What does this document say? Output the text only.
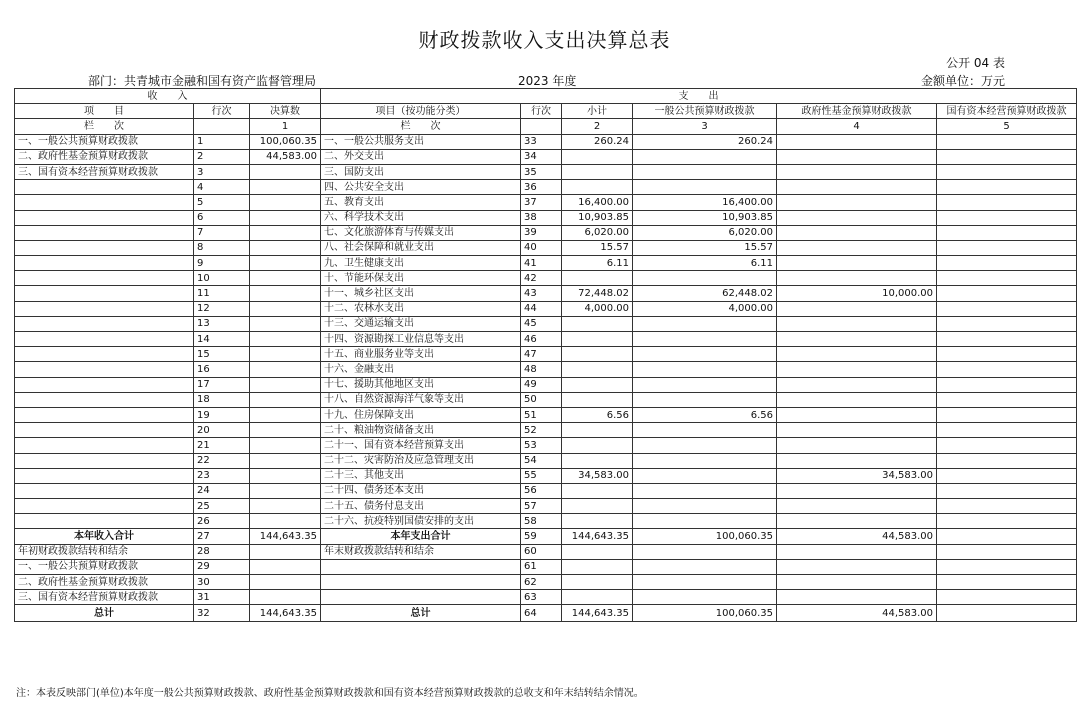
财政拨款收入支出决算总表
公开 04 表
部门：共青城市金融和国有资产监督管理局	2023 年度	金额单位：万元
收　　入			支　　出					
项　　目	行次	决算数	项目（按功能分类）	行次	小计	一般公共预算财政拨款	政府性基金预算财政拨款	国有资本经营预算财政拨款
栏　　次		1	栏　　次		2	3	4	5
一、一般公共预算财政拨款	1	100,060.35	一、一般公共服务支出	33	260.24	260.24		
二、政府性基金预算财政拨款	2	44,583.00	二、外交支出	34				
三、国有资本经营预算财政拨款	3		三、国防支出	35				
	4		四、公共安全支出	36				
	5		五、教育支出	37	16,400.00	16,400.00		
	6		六、科学技术支出	38	10,903.85	10,903.85		
	7		七、文化旅游体育与传媒支出	39	6,020.00	6,020.00		
	8		八、社会保障和就业支出	40	15.57	15.57		
	9		九、卫生健康支出	41	6.11	6.11		
	10		十、节能环保支出	42				
	11		十一、城乡社区支出	43	72,448.02	62,448.02	10,000.00	
	12		十二、农林水支出	44	4,000.00	4,000.00		
	13		十三、交通运输支出	45				
	14		十四、资源勘探工业信息等支出	46				
	15		十五、商业服务业等支出	47				
	16		十六、金融支出	48				
	17		十七、援助其他地区支出	49				
	18		十八、自然资源海洋气象等支出	50				
	19		十九、住房保障支出	51	6.56	6.56		
	20		二十、粮油物资储备支出	52				
	21		二十一、国有资本经营预算支出	53				
	22		二十二、灾害防治及应急管理支出	54				
	23		二十三、其他支出	55	34,583.00		34,583.00	
	24		二十四、债务还本支出	56				
	25		二十五、债务付息支出	57				
	26		二十六、抗疫特别国债安排的支出	58				
本年收入合计	27	144,643.35	本年支出合计	59	144,643.35	100,060.35	44,583.00	
年初财政拨款结转和结余	28		年末财政拨款结转和结余	60				
一、一般公共预算财政拨款	29			61				
二、政府性基金预算财政拨款	30			62				
三、国有资本经营预算财政拨款	31			63				
总计	32	144,643.35	总计	64	144,643.35	100,060.35	44,583.00	
注：本表反映部门(单位)本年度一般公共预算财政拨款、政府性基金预算财政拨款和国有资本经营预算财政拨款的总收支和年末结转结余情况。
